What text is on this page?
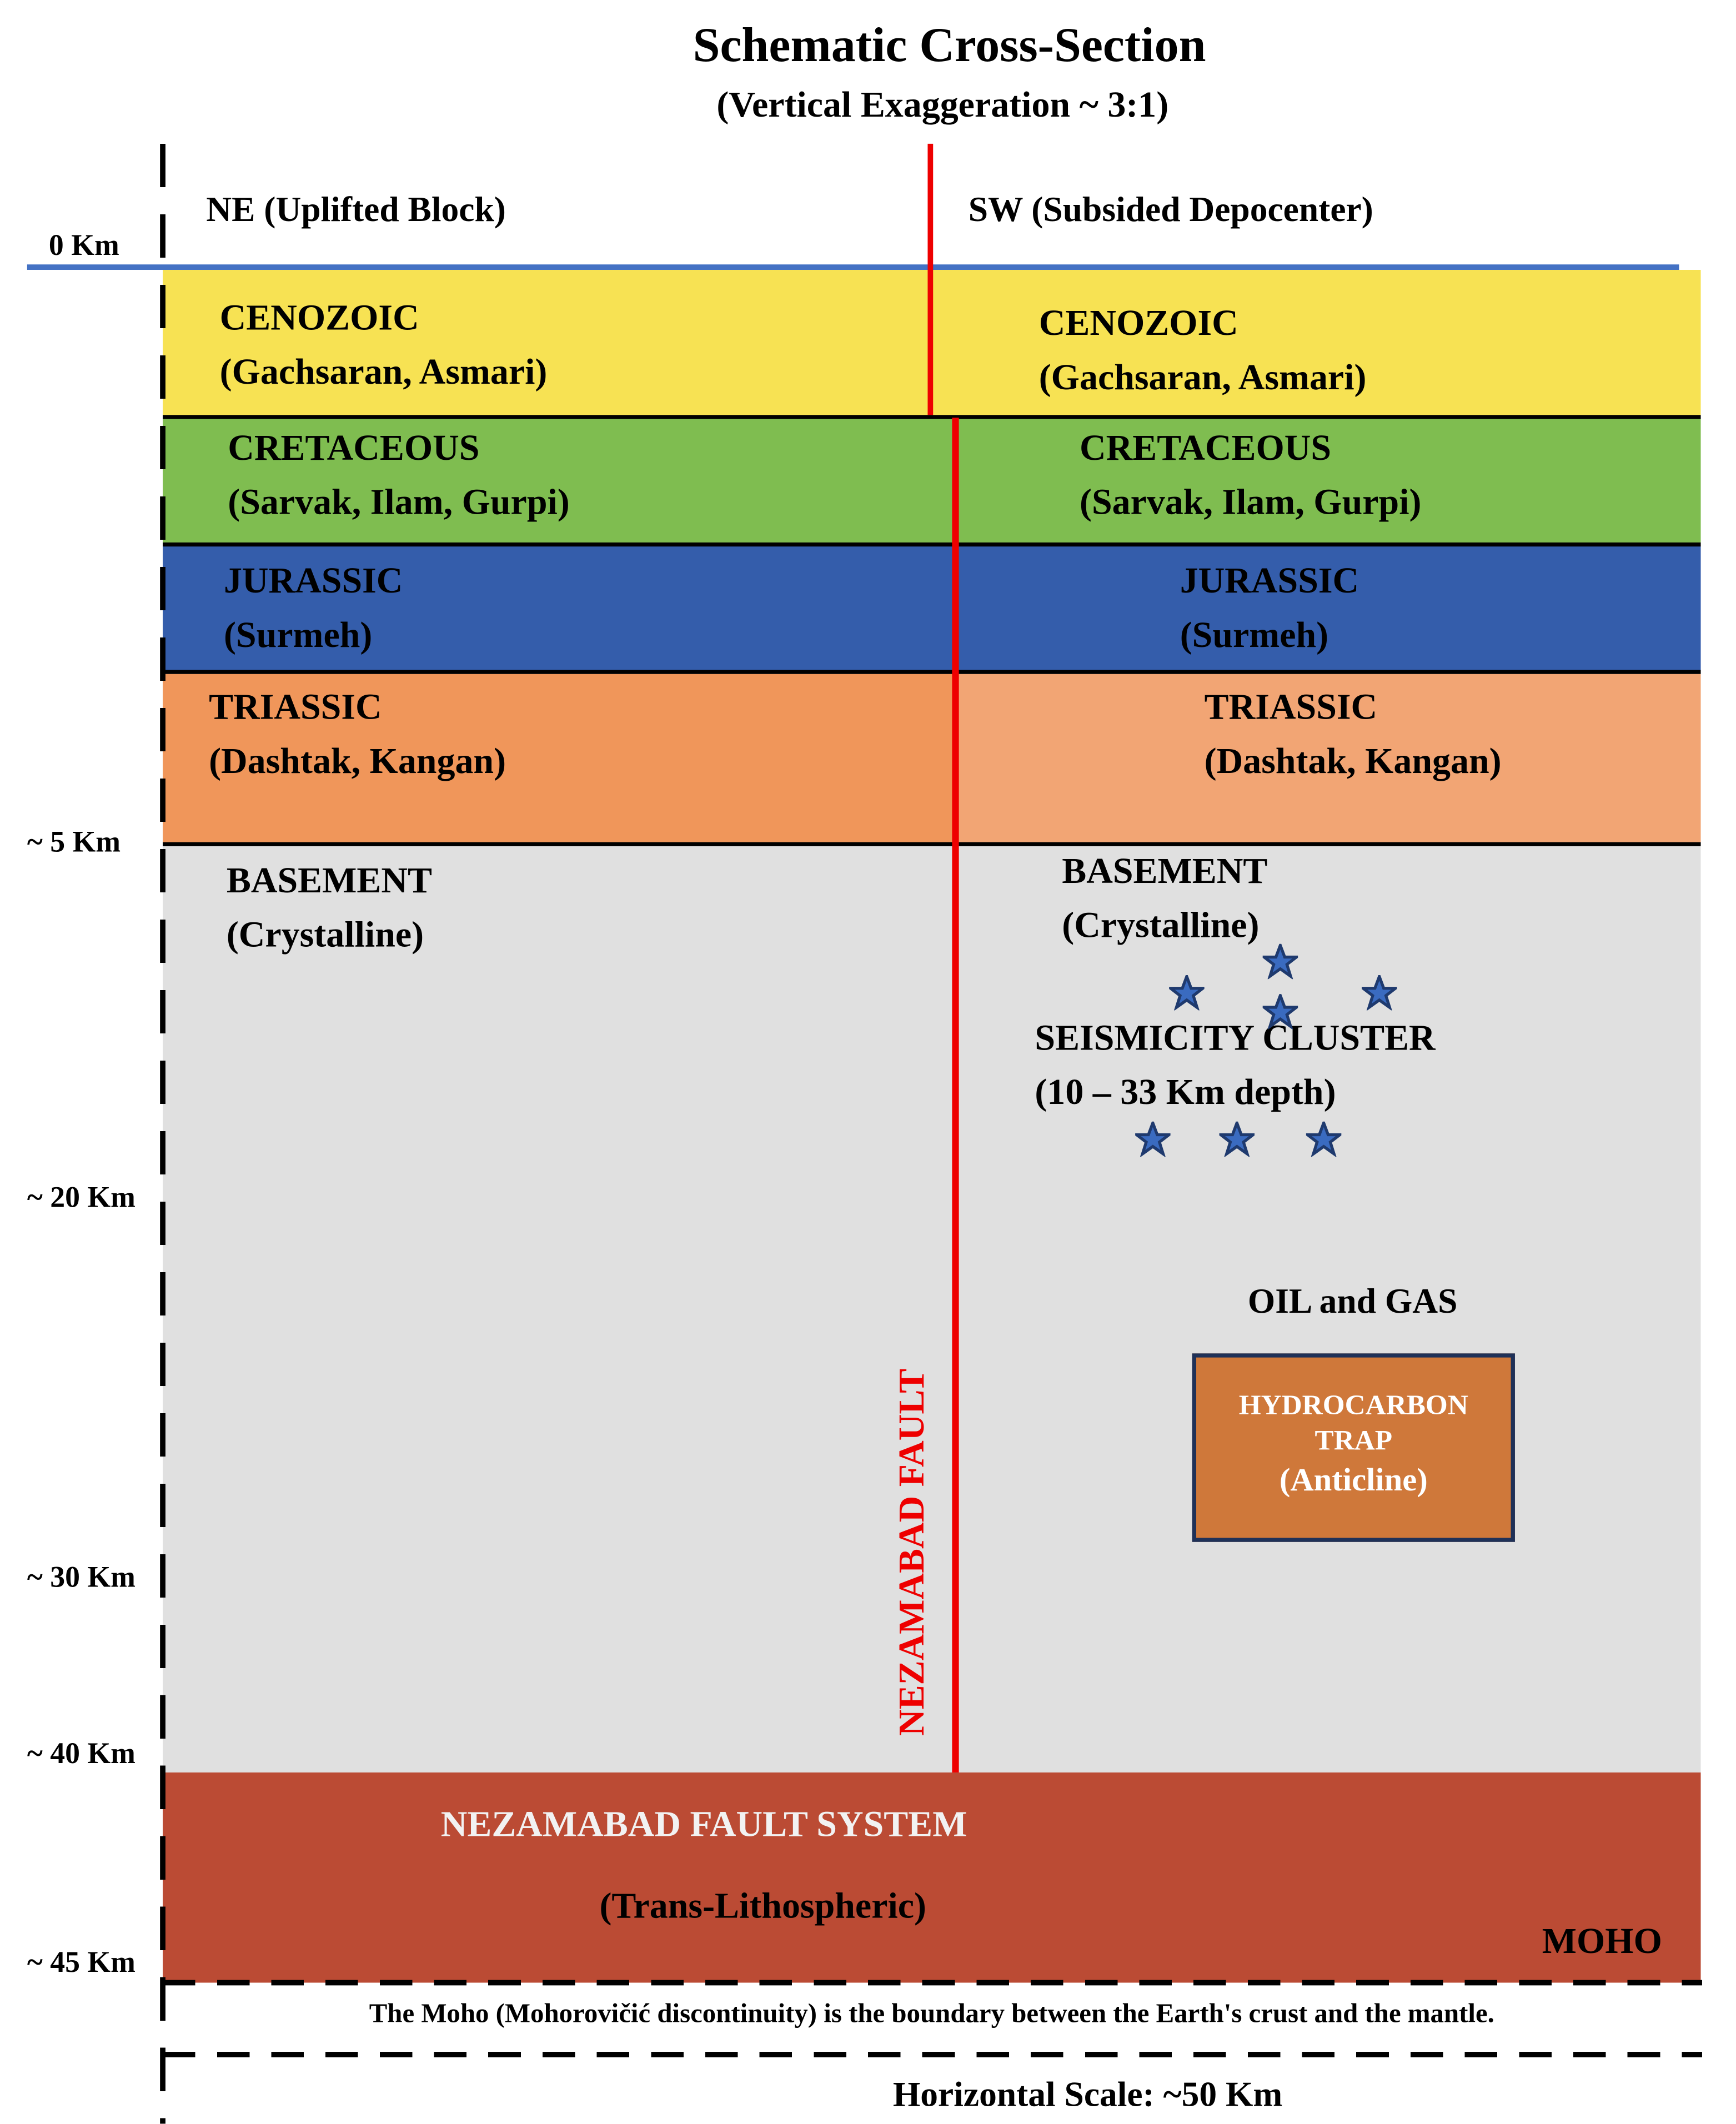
Schematic Cross-Section
(Vertical Exaggeration ~ 3:1)
NE (Uplifted Block)	SW (Subsided Depocenter)
0 Km
~ 5 Km
~ 20 Km
~ 30 Km
~ 40 Km
~ 45 Km
CENOZOIC
(Gachsaran, Asmari)
CENOZOIC
(Gachsaran, Asmari)
CRETACEOUS
(Sarvak, Ilam, Gurpi)
CRETACEOUS
(Sarvak, Ilam, Gurpi)
JURASSIC
(Surmeh)
JURASSIC
(Surmeh)
TRIASSIC
(Dashtak, Kangan)
TRIASSIC
(Dashtak, Kangan)
BASEMENT
(Crystalline)
BASEMENT
(Crystalline)
NEZAMABAD FAULT
SEISMICITY CLUSTER
(10 – 33 Km depth)
OIL and GAS
HYDROCARBON
TRAP
(Anticline)
NEZAMABAD FAULT SYSTEM
(Trans-Lithospheric)
MOHO
The Moho (Mohorovičić discontinuity) is the boundary between the Earth's crust and the mantle.
Horizontal Scale: ~50 Km
